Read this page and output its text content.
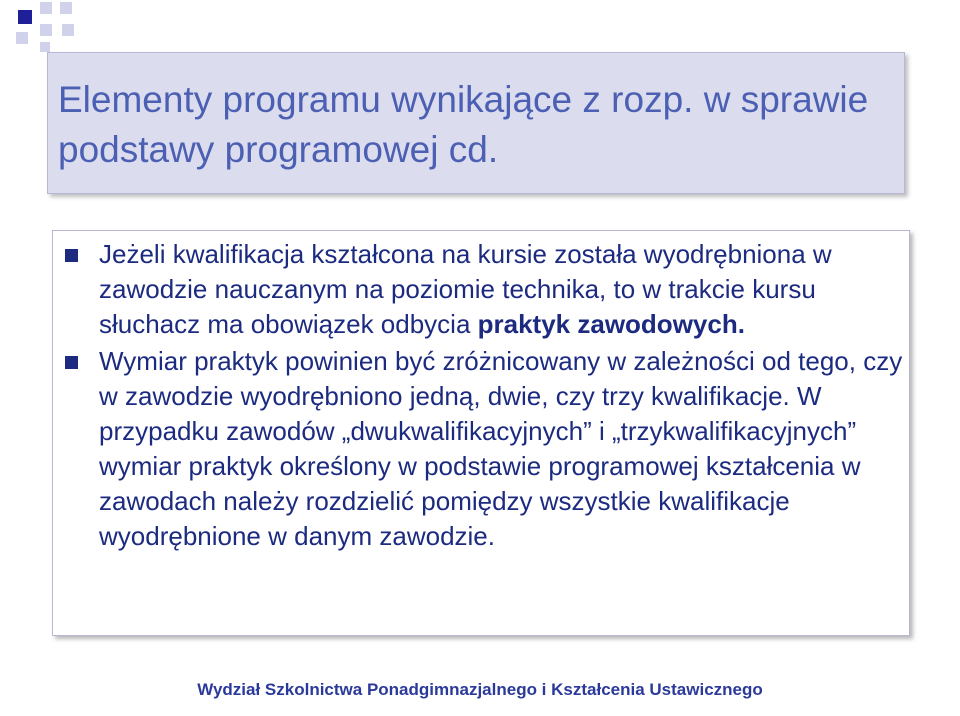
Elementy programu wynikające z rozp. w sprawie podstawy programowej cd.
Jeżeli kwalifikacja kształcona na kursie została wyodrębniona w zawodzie nauczanym na poziomie technika, to w trakcie kursu słuchacz ma obowiązek odbycia praktyk zawodowych.
Wymiar praktyk powinien być zróżnicowany w zależności od tego, czy w zawodzie wyodrębniono jedną, dwie, czy trzy kwalifikacje. W przypadku zawodów „dwukwalifikacyjnych” i „trzykwalifikacyjnych” wymiar praktyk określony w podstawie programowej kształcenia w zawodach należy rozdzielić pomiędzy wszystkie kwalifikacje wyodrębnione w danym zawodzie.
Wydział Szkolnictwa Ponadgimnazjalnego i Kształcenia Ustawicznego
